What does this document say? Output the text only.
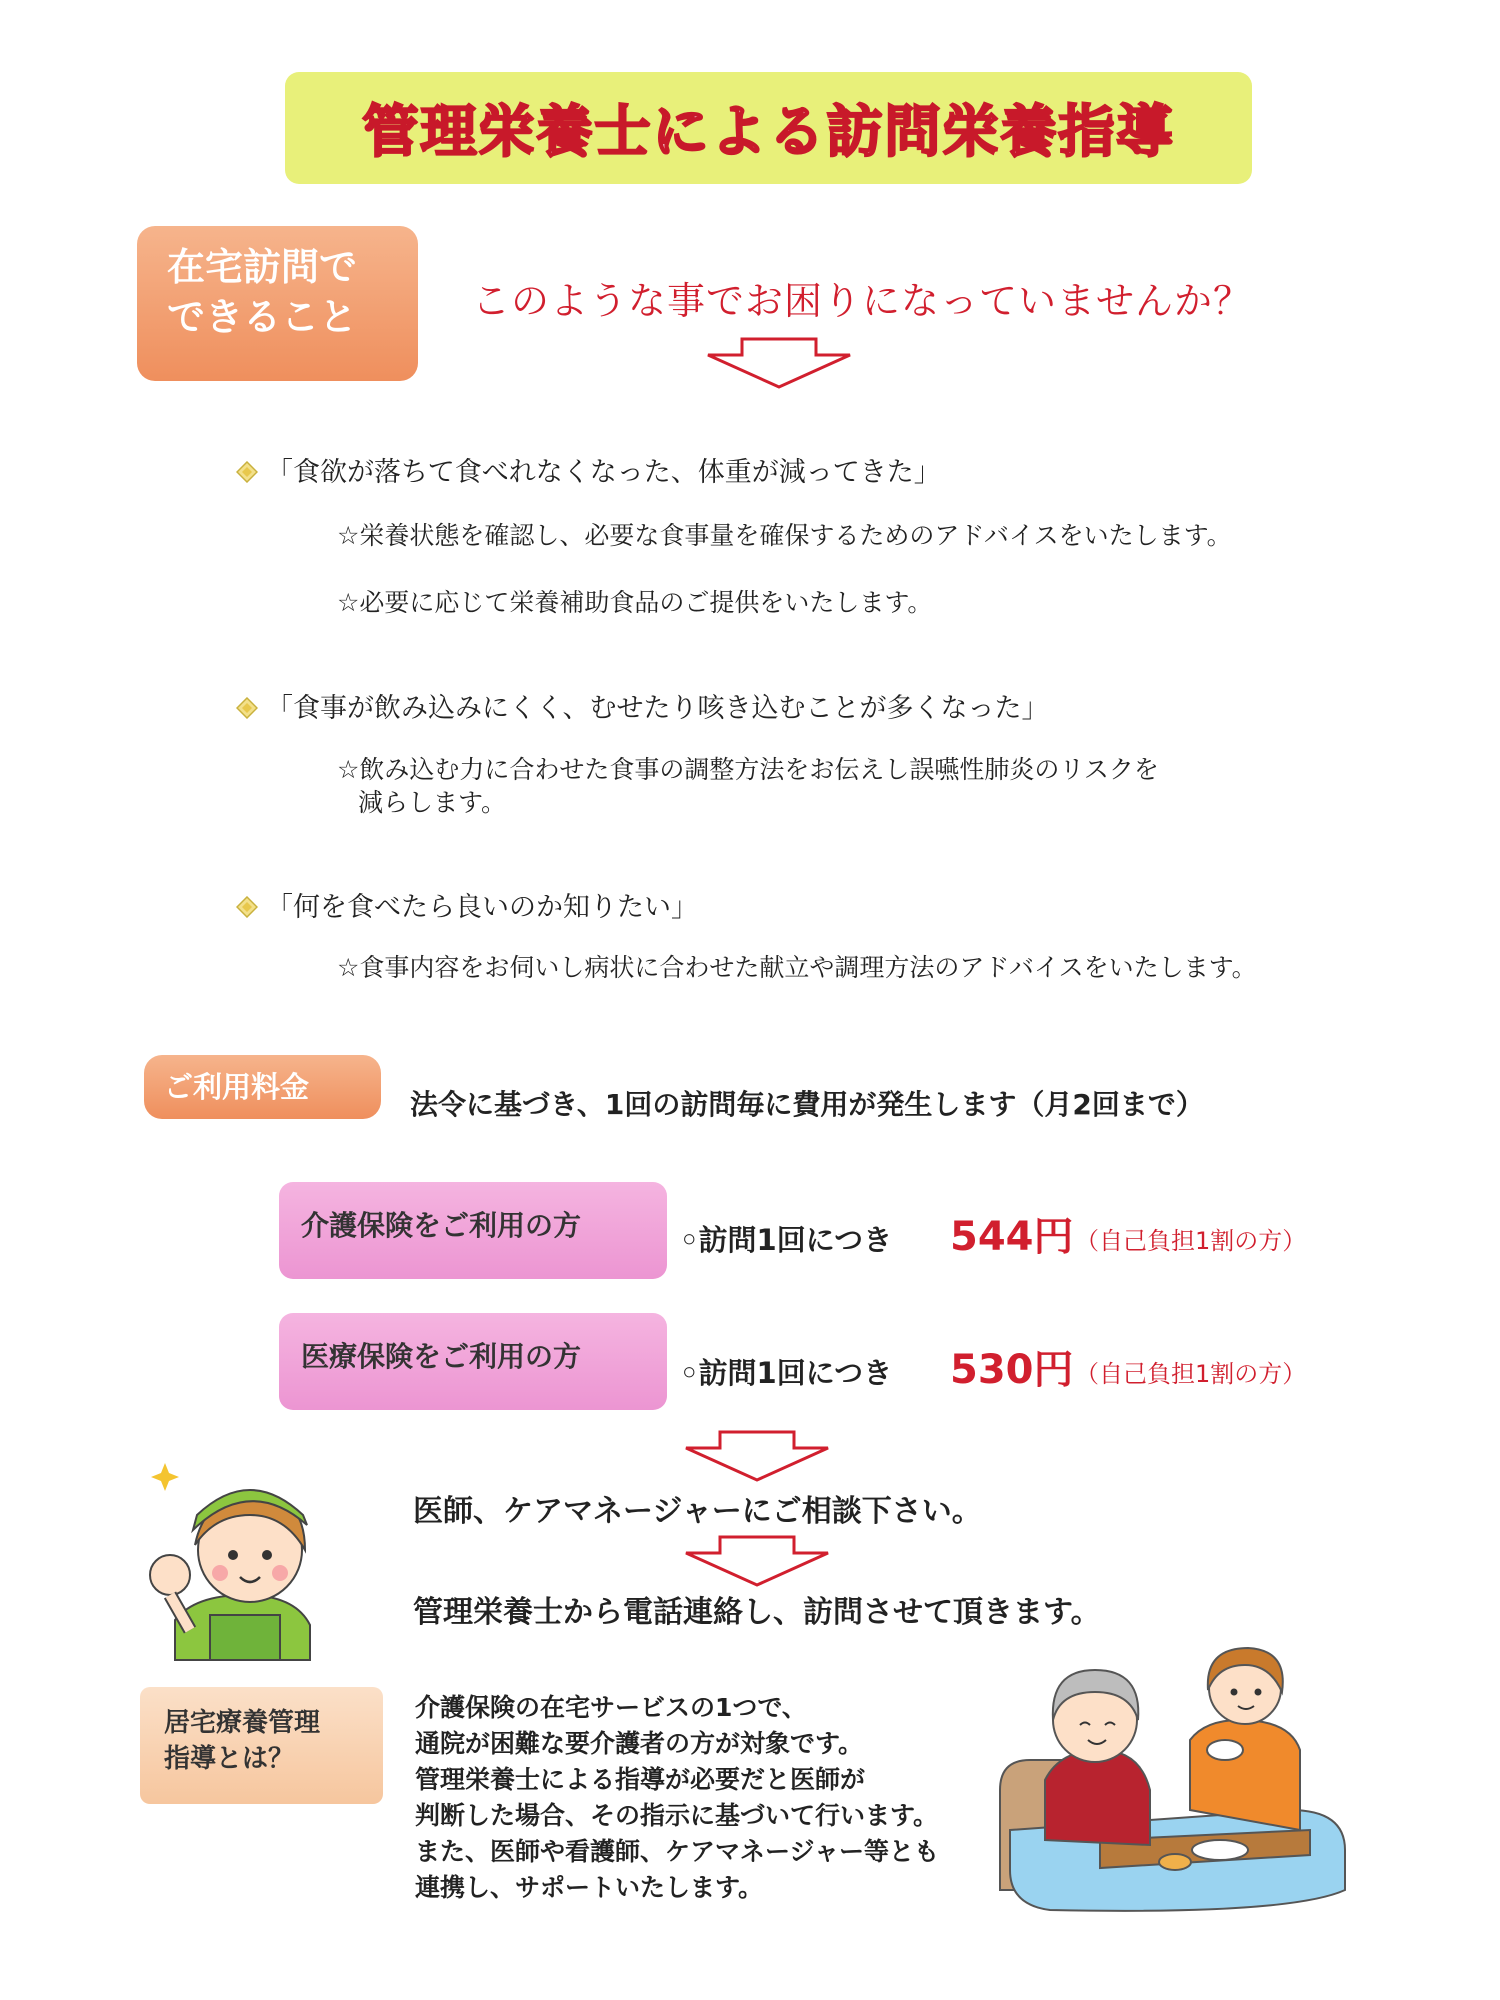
管理栄養士による訪問栄養指導
在宅訪問で
できること	このような事でお困りになっていませんか？
「食欲が落ちて食べれなくなった、体重が減ってきた」
☆栄養状態を確認し、必要な食事量を確保するためのアドバイスをいたします。
☆必要に応じて栄養補助食品のご提供をいたします。
「食事が飲み込みにくく、むせたり咳き込むことが多くなった」
☆飲み込む力に合わせた食事の調整方法をお伝えし誤嚥性肺炎のリスクを
減らします。
「何を食べたら良いのか知りたい」
☆食事内容をお伺いし病状に合わせた献立や調理方法のアドバイスをいたします。
ご利用料金
法令に基づき、1回の訪問毎に費用が発生します（月2回まで）
介護保険をご利用の方	◦訪問1回につき 544円 （自己負担1割の方）
医療保険をご利用の方	◦訪問1回につき 530円 （自己負担1割の方）
医師、ケアマネージャーにご相談下さい。
管理栄養士から電話連絡し、訪問させて頂きます。
居宅療養管理
指導とは？
介護保険の在宅サービスの1つで、
通院が困難な要介護者の方が対象です。
管理栄養士による指導が必要だと医師が
判断した場合、その指示に基づいて行います。
また、医師や看護師、ケアマネージャー等とも
連携し、サポートいたします。
